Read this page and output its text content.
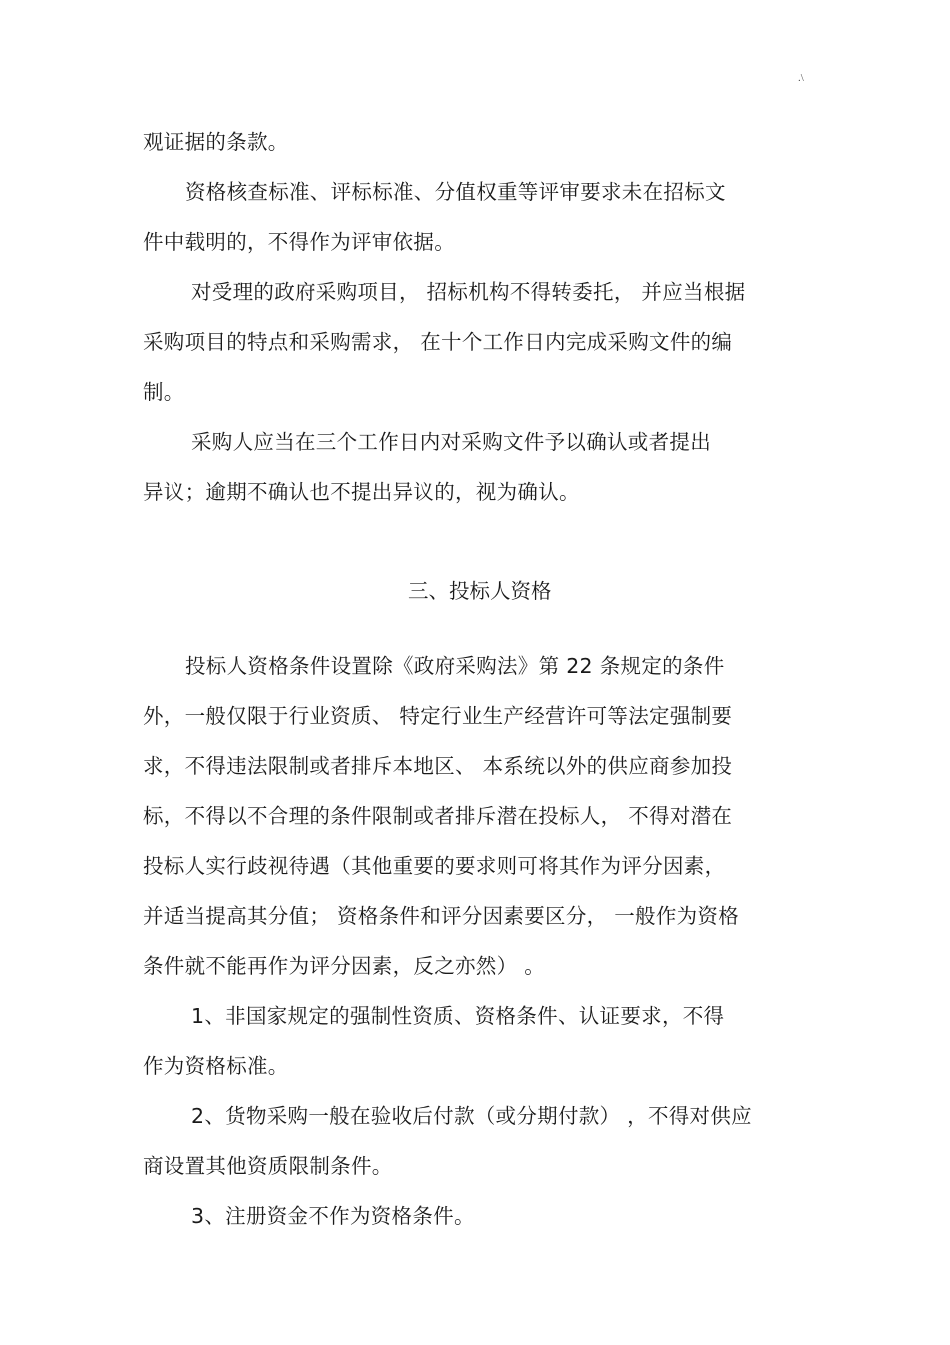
.\
观证据的条款。
资格核查标准、评标标准、分值权重等评审要求未在招标文
件中载明的，不得作为评审依据。
对受理的政府采购项目， 招标机构不得转委托， 并应当根据
采购项目的特点和采购需求， 在十个工作日内完成采购文件的编
制。
采购人应当在三个工作日内对采购文件予以确认或者提出
异议；逾期不确认也不提出异议的，视为确认。
三、投标人资格
投标人资格条件设置除《政府采购法》第 22 条规定的条件
外，一般仅限于行业资质、 特定行业生产经营许可等法定强制要
求，不得违法限制或者排斥本地区、 本系统以外的供应商参加投
标，不得以不合理的条件限制或者排斥潜在投标人， 不得对潜在
投标人实行歧视待遇（其他重要的要求则可将其作为评分因素，
并适当提高其分值； 资格条件和评分因素要区分， 一般作为资格
条件就不能再作为评分因素，反之亦然） 。
1、非国家规定的强制性资质、资格条件、认证要求，不得
作为资格标准。
2、货物采购一般在验收后付款（或分期付款） ，不得对供应
商设置其他资质限制条件。
3、注册资金不作为资格条件。
